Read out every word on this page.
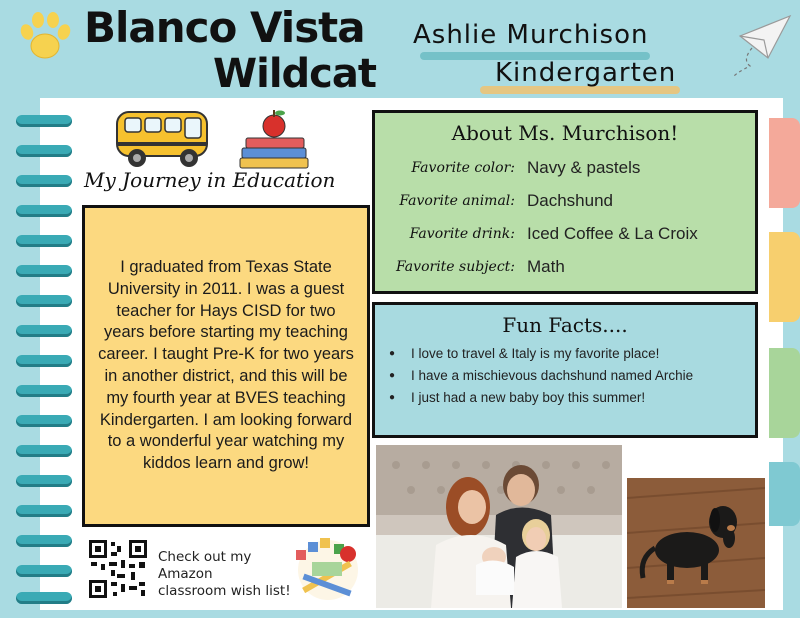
Blanco Vista
Wildcat
Ashlie Murchison
Kindergarten
My Journey in Education
I graduated from Texas State University in 2011. I was a guest teacher for Hays CISD for two years before starting my teaching career. I taught Pre-K for two years in another district, and this will be my fourth year at BVES teaching Kindergarten. I am looking forward to a wonderful year watching my kiddos learn and grow!
Check out my
Amazon
classroom wish list!
About Ms. Murchison!
Favorite color: Navy & pastels
Favorite animal: Dachshund
Favorite drink: Iced Coffee & La Croix
Favorite subject: Math
Fun Facts....
● I love to travel & Italy is my favorite place!
● I have a mischievous dachshund named Archie
● I just had a new baby boy this summer!
